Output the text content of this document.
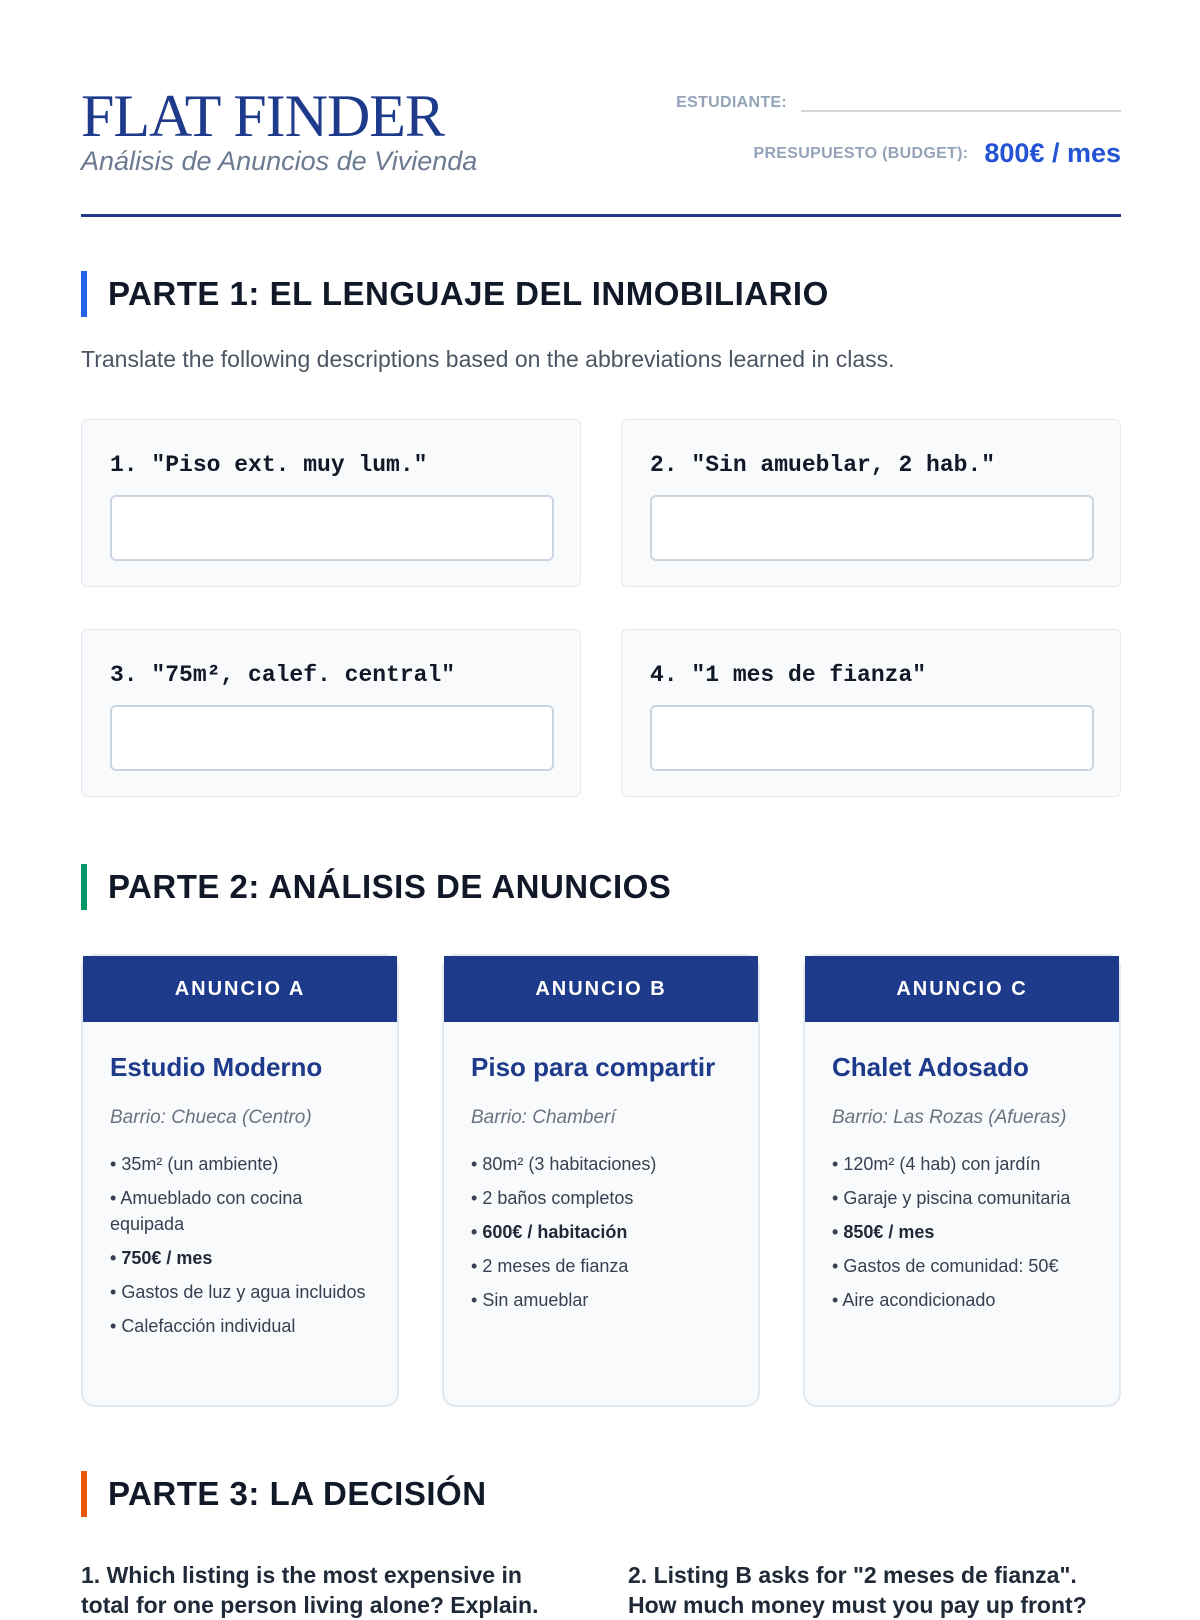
FLAT FINDER
Análisis de Anuncios de Vivienda
ESTUDIANTE:
PRESUPUESTO (BUDGET): 800€ / mes
PARTE 1: EL LENGUAJE DEL INMOBILIARIO
Translate the following descriptions based on the abbreviations learned in class.
1. "Piso ext. muy lum."	2. "Sin amueblar, 2 hab."
3. "75m², calef. central"	4. "1 mes de fianza"
PARTE 2: ANÁLISIS DE ANUNCIOS
ANUNCIO A
Estudio Moderno
Barrio: Chueca (Centro)
• 35m² (un ambiente)
• Amueblado con cocina equipada
• 750€ / mes
• Gastos de luz y agua incluidos
• Calefacción individual
ANUNCIO B
Piso para compartir
Barrio: Chamberí
• 80m² (3 habitaciones)
• 2 baños completos
• 600€ / habitación
• 2 meses de fianza
• Sin amueblar
ANUNCIO C
Chalet Adosado
Barrio: Las Rozas (Afueras)
• 120m² (4 hab) con jardín
• Garaje y piscina comunitaria
• 850€ / mes
• Gastos de comunidad: 50€
• Aire acondicionado
PARTE 3: LA DECISIÓN
1. Which listing is the most expensive in total for one person living alone? Explain.
2. Listing B asks for "2 meses de fianza". How much money must you pay up front?
